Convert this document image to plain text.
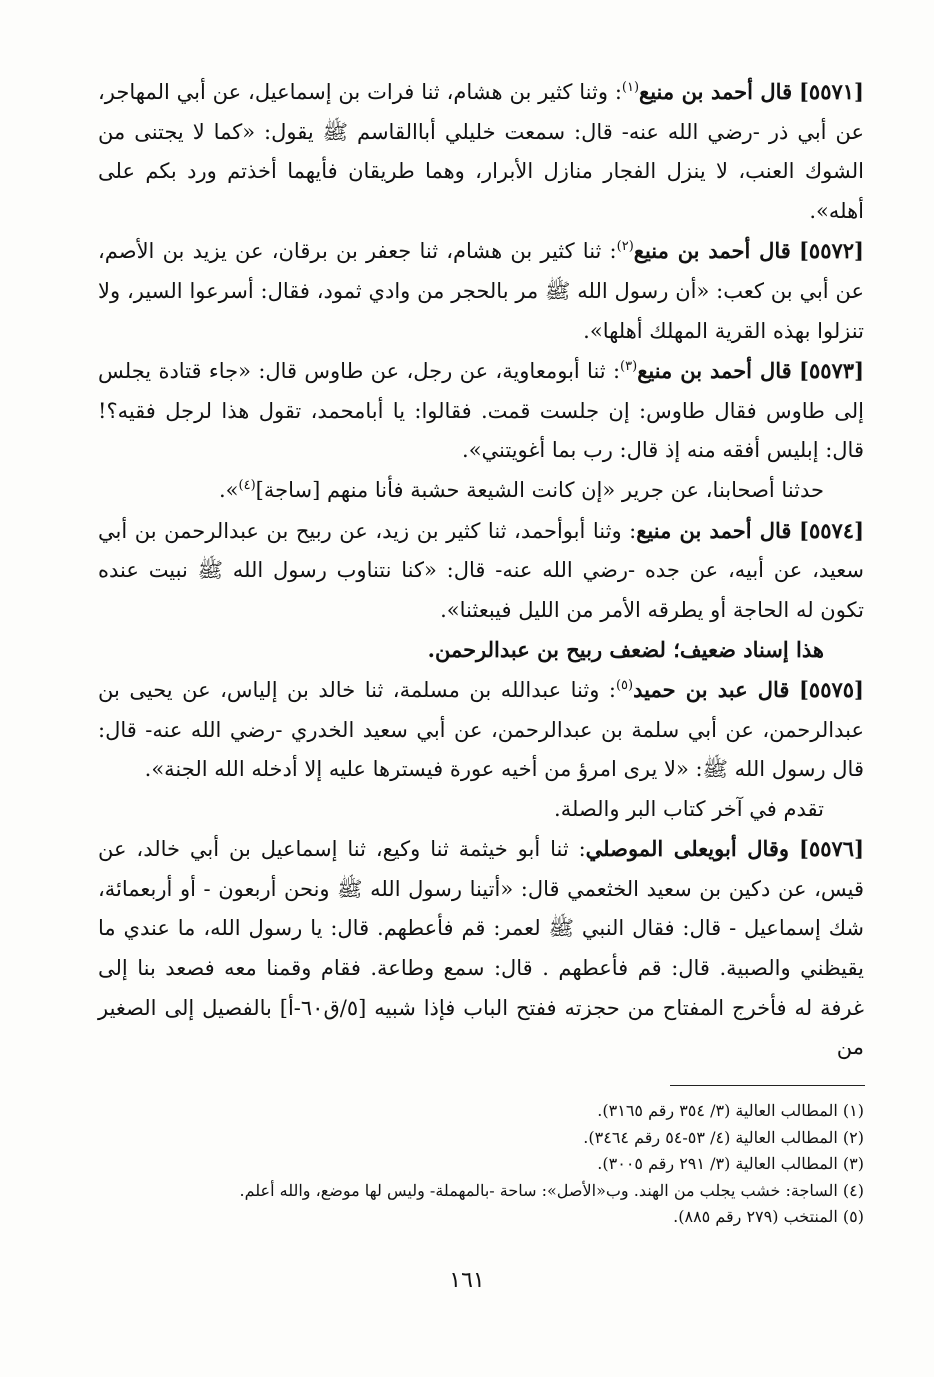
[٥٥٧١] قال أحمد بن منيع$^{(١)}$: وثنا كثير بن هشام، ثنا فرات بن إسماعيل، عن أبي المهاجر، عن أبي ذر -رضي الله عنه- قال: سمعت خليلي أباالقاسم ﷺ يقول: «كما لا يجتنى من الشوك العنب، لا ينزل الفجار منازل الأبرار، وهما طريقان فأيهما أخذتم ورد بكم على أهله».

[٥٥٧٢] قال أحمد بن منيع$^{(٢)}$: ثنا كثير بن هشام، ثنا جعفر بن برقان، عن يزيد بن الأصم، عن أبي بن كعب: «أن رسول الله ﷺ مر بالحجر من وادي ثمود، فقال: أسرعوا السير، ولا تنزلوا بهذه القرية المهلك أهلها».

[٥٥٧٣] قال أحمد بن منيع$^{(٣)}$: ثنا أبومعاوية، عن رجل، عن طاوس قال: «جاء قتادة يجلس إلى طاوس فقال طاوس: إن جلست قمت. فقالوا: يا أبامحمد، تقول هذا لرجل فقيه؟! قال: إبليس أفقه منه إذ قال: رب بما أغويتني».

حدثنا أصحابنا، عن جرير «إن كانت الشيعة حشبة فأنا منهم [ساجة]$^{(٤)}$».

[٥٥٧٤] قال أحمد بن منيع: وثنا أبوأحمد، ثنا كثير بن زيد، عن ربيح بن عبدالرحمن بن أبي سعيد، عن أبيه، عن جده -رضي الله عنه- قال: «كنا نتناوب رسول الله ﷺ نبيت عنده تكون له الحاجة أو يطرقه الأمر من الليل فيبعثنا».

هذا إسناد ضعيف؛ لضعف ربيح بن عبدالرحمن.

[٥٥٧٥] قال عبد بن حميد$^{(٥)}$: وثنا عبدالله بن مسلمة، ثنا خالد بن إلياس، عن يحيى بن عبدالرحمن، عن أبي سلمة بن عبدالرحمن، عن أبي سعيد الخدري -رضي الله عنه- قال: قال رسول الله ﷺ: «لا يرى امرؤ من أخيه عورة فيسترها عليه إلا أدخله الله الجنة».

تقدم في آخر كتاب البر والصلة.

[٥٥٧٦] وقال أبويعلى الموصلي: ثنا أبو خيثمة ثنا وكيع، ثنا إسماعيل بن أبي خالد، عن قيس، عن دكين بن سعيد الخثعمي قال: «أتينا رسول الله ﷺ ونحن أربعون - أو أربعمائة، شك إسماعيل - قال: فقال النبي ﷺ لعمر: قم فأعطهم. قال: يا رسول الله، ما عندي ما يقيظني والصبية. قال: قم فأعطهم . قال: سمع وطاعة. فقام وقمنا معه فصعد بنا إلى غرفة له فأخرج المفتاح من حجزته ففتح الباب فإذا شبيه [٥/ق٦٠-أ] بالفصيل إلى الصغير من

(١) المطالب العالية (٣/ ٣٥٤ رقم ٣١٦٥).
(٢) المطالب العالية (٤/ ٥٣-٥٤ رقم ٣٤٦٤).
(٣) المطالب العالية (٣/ ٢٩١ رقم ٣٠٠٥).
(٤) الساجة: خشب يجلب من الهند. وب«الأصل»: ساحة -بالمهملة- وليس لها موضع، والله أعلم.
(٥) المنتخب (٢٧٩ رقم ٨٨٥).
١٦١
